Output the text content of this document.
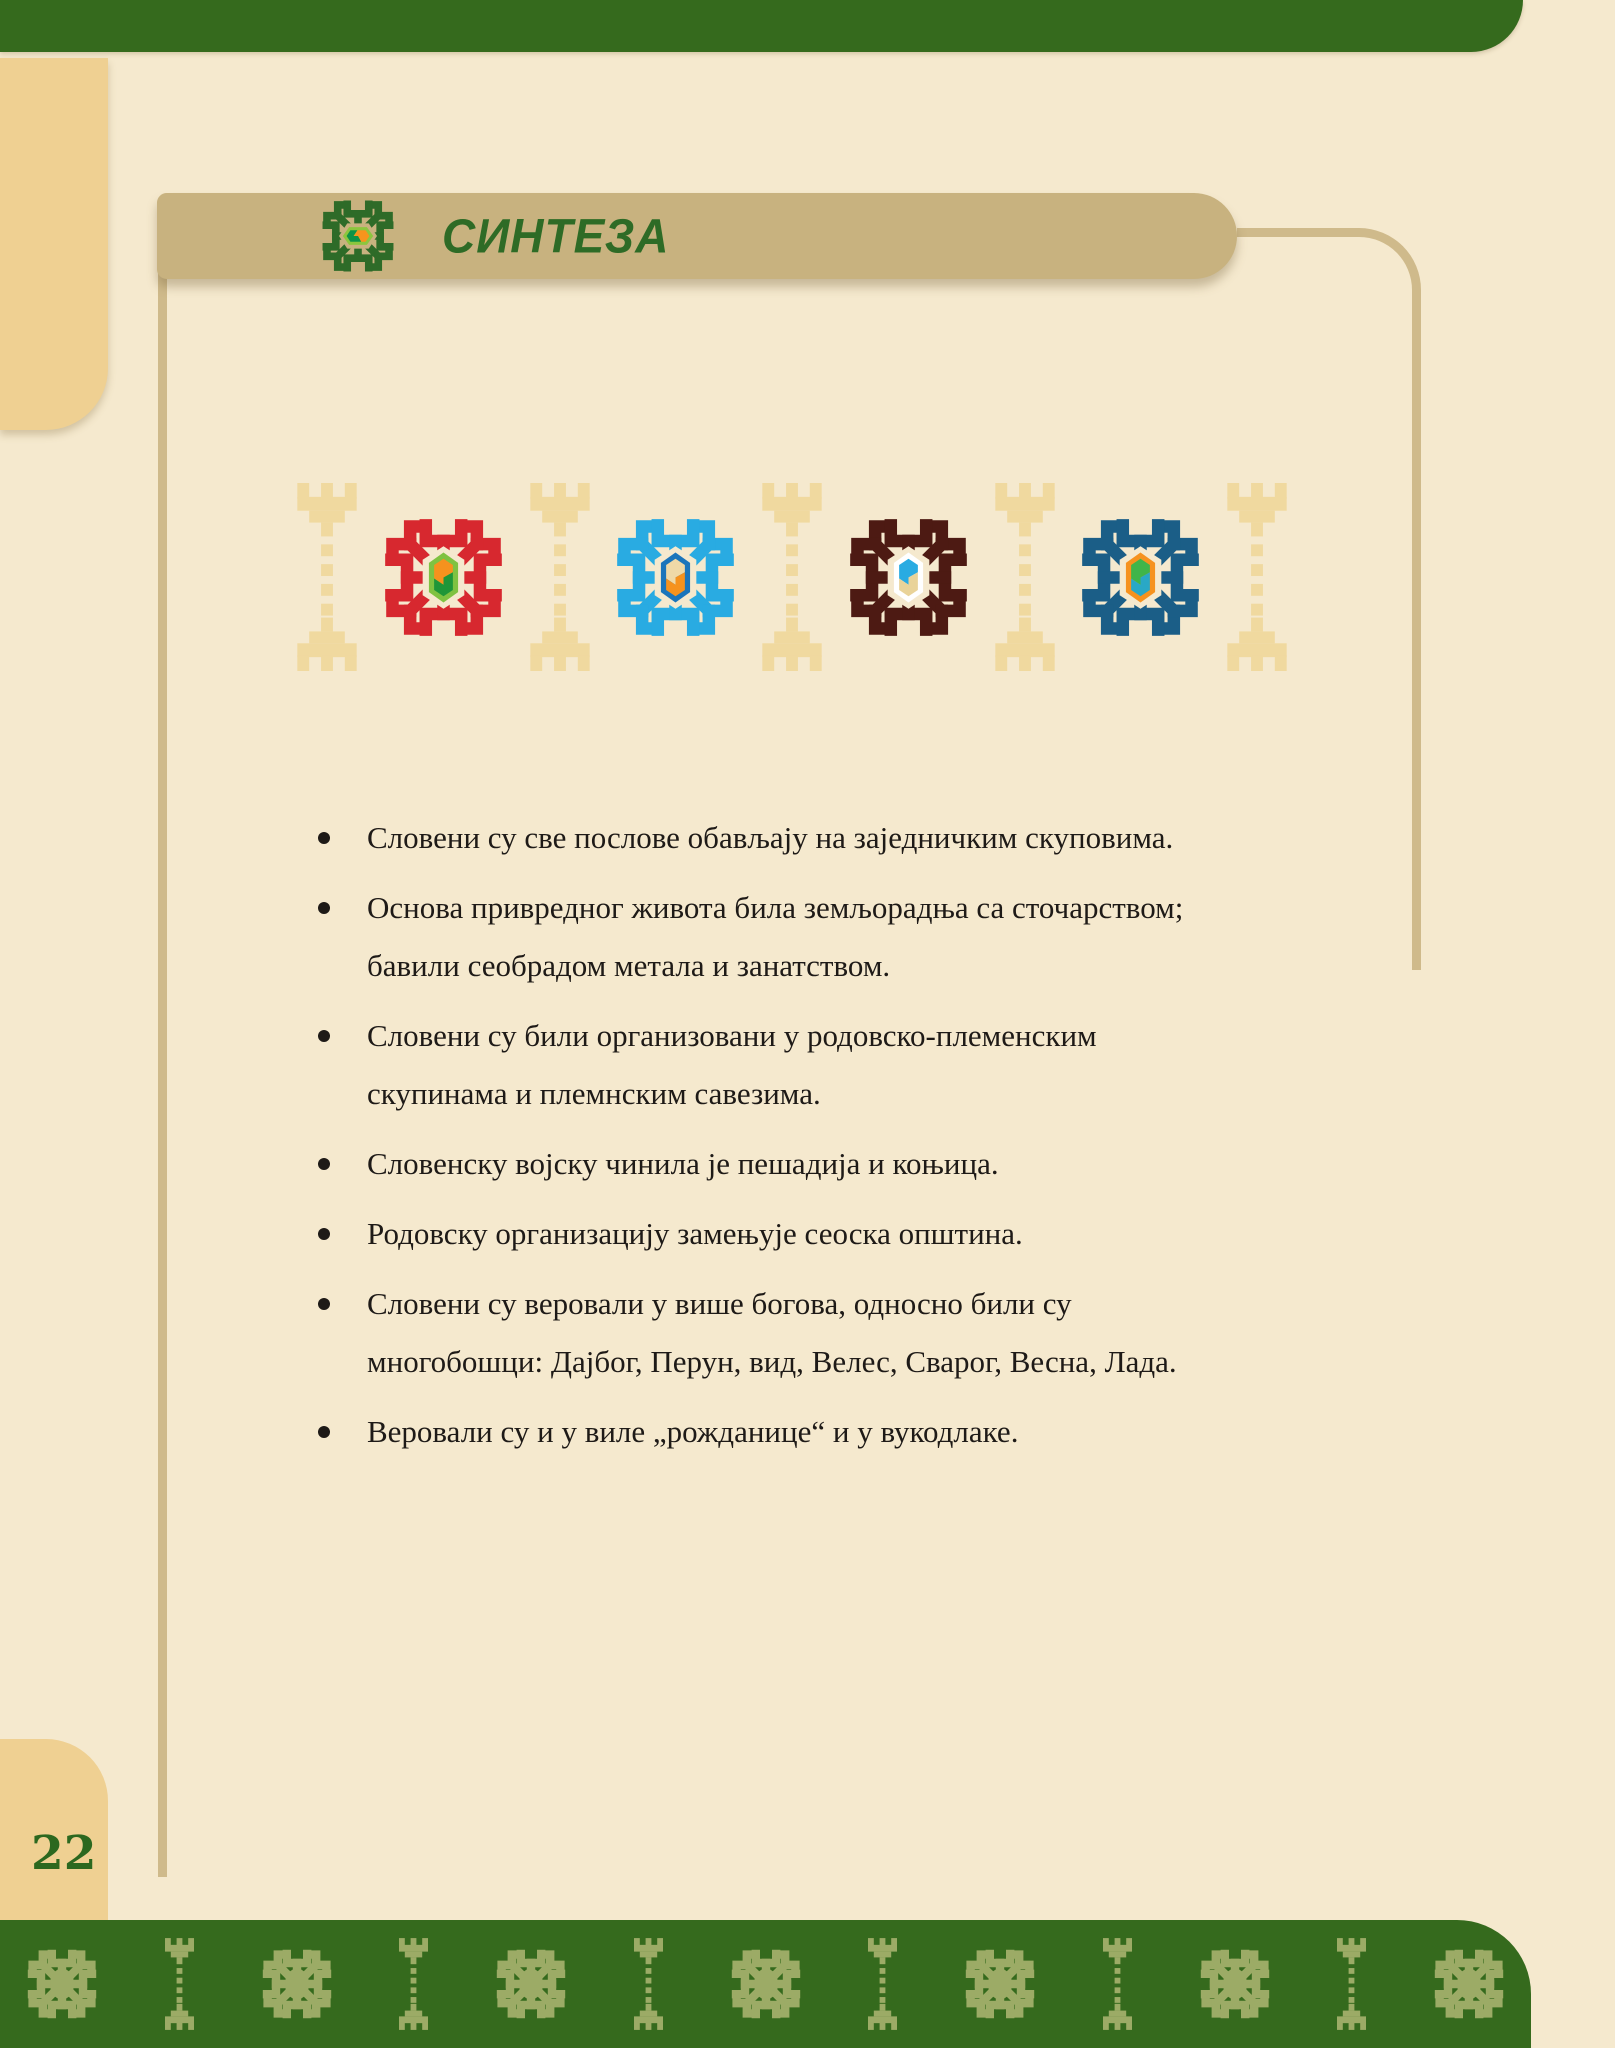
СИНТЕЗА
Словени су све послове обављају на заједничким скуповима.
Основа привредног живота била земљорадња са сточарством;
бавили сеобрадом метала и занатством.
Словени су били организовани у родовско-племенским
скупинама и племнским савезима.
Словенску војску чинила је пешадија и коњица.
Родовску организацију замењује сеоска општина.
Словени су веровали у више богова, односно били су
многобошци: Дајбог, Перун, вид, Велес, Сварог, Весна, Лада.
Веровали су и у виле „рожданице“ и у вукодлаке.
22
